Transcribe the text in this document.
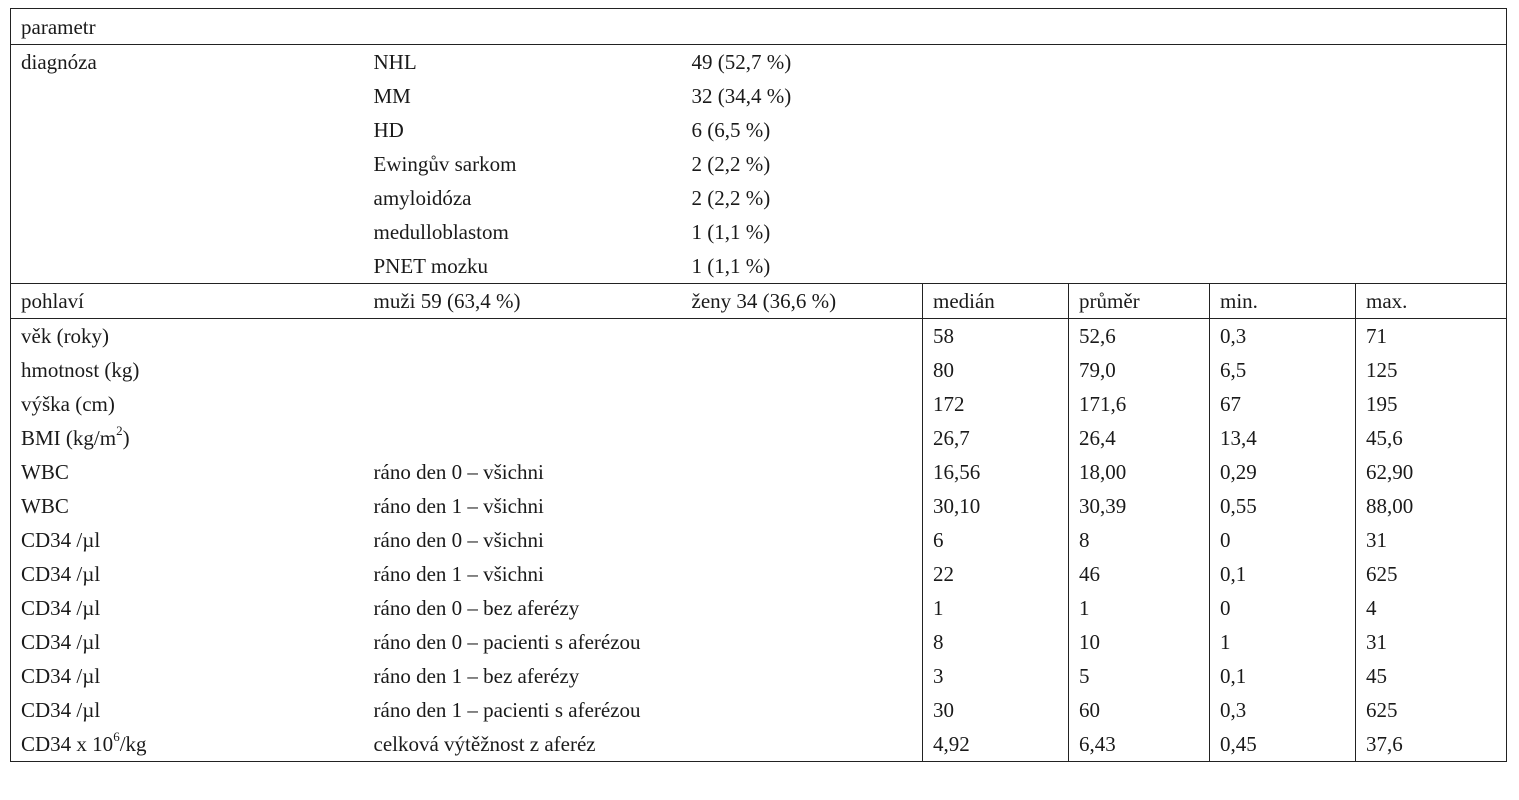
parametr						
diagnóza	NHL	49 (52,7 %)				
	MM	32 (34,4 %)				
	HD	6 (6,5 %)				
	Ewingův sarkom	2 (2,2 %)				
	amyloidóza	2 (2,2 %)				
	medulloblastom	1 (1,1 %)				
	PNET mozku	1 (1,1 %)				
pohlaví	muži 59 (63,4 %)	ženy 34 (36,6 %)	medián	průměr	min.	max.
věk (roky)			58	52,6	0,3	71
hmotnost (kg)			80	79,0	6,5	125
výška (cm)			172	171,6	67	195
BMI $(kg/m^2)$			26,7	26,4	13,4	45,6
WBC	ráno den 0 – všichni		16,56	18,00	0,29	62,90
WBC	ráno den 1 – všichni		30,10	30,39	0,55	88,00
CD34 /µl	ráno den 0 – všichni		6	8	0	31
CD34 /µl	ráno den 1 – všichni		22	46	0,1	625
CD34 /µl	ráno den 0 – bez aferézy		1	1	0	4
CD34 /µl	ráno den 0 – pacienti s aferézou		8	10	1	31
CD34 /µl	ráno den 1 – bez aferézy		3	5	0,1	45
CD34 /µl	ráno den 1 – pacienti s aferézou		30	60	0,3	625
CD34 x $10^6/kg$	celková výtěžnost z aferéz		4,92	6,43	0,45	37,6
